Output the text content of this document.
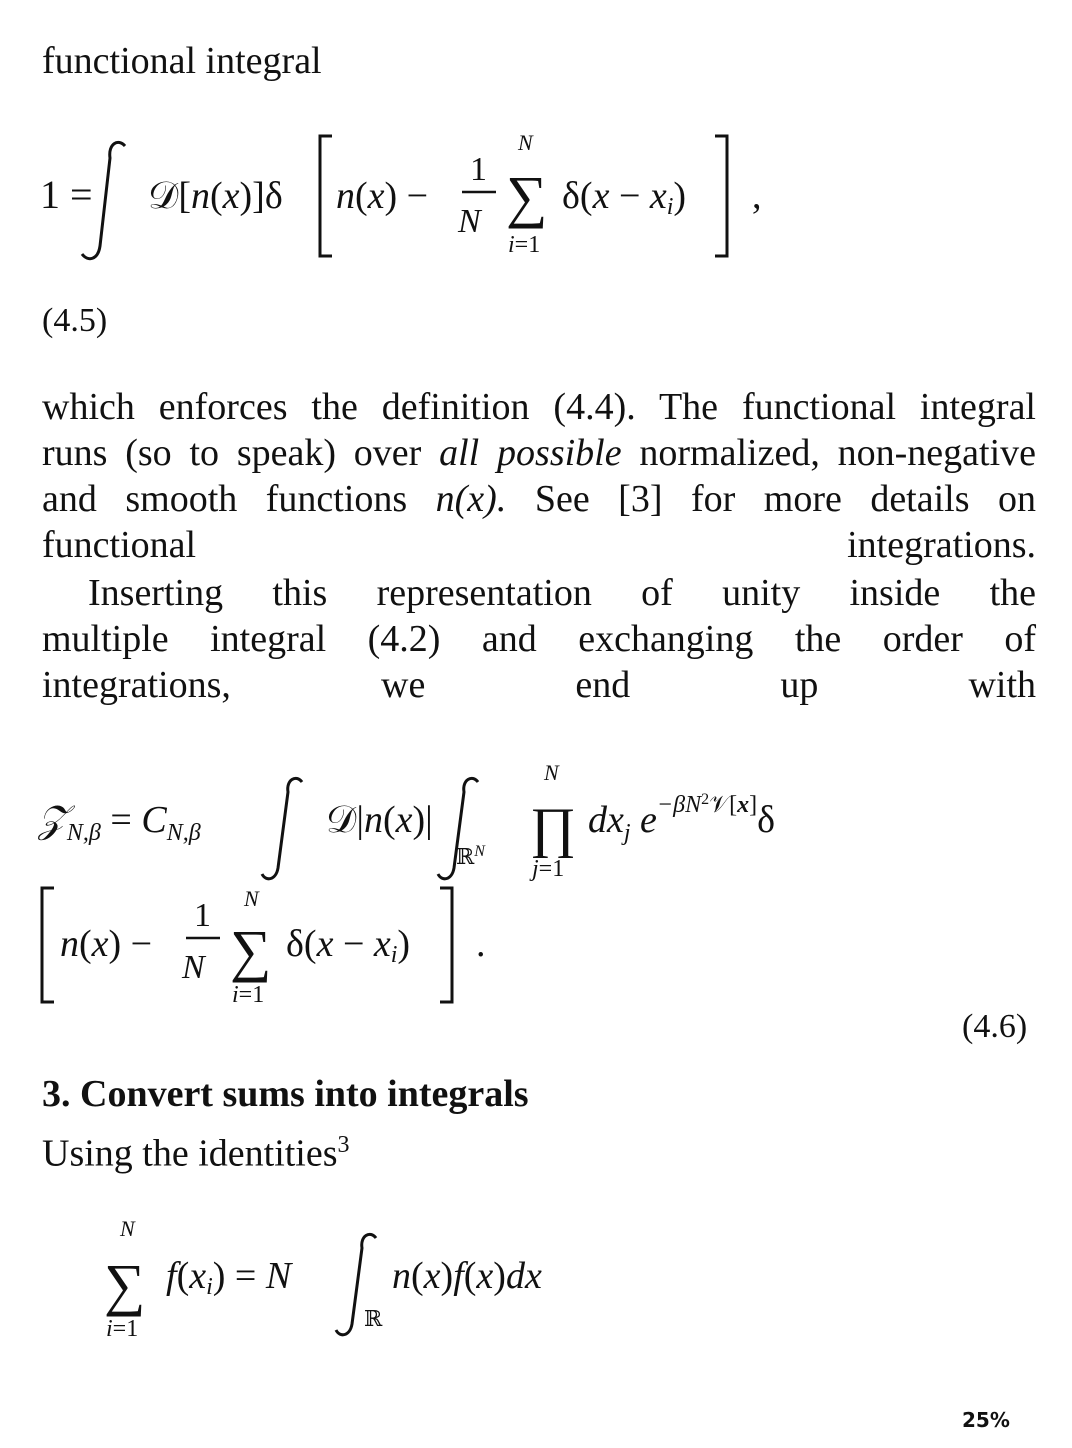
functional integral
1 = 𝒟[n(x)]δ n(x) −
1
N
N
∑
i=1
δ(x − xi) ,
(4.5)
which enforces the definition (4.4). The functional integral
runs (so to speak) over all possible normalized, non-negative
and smooth functions n(x). See [3] for more details on
functional integrations.
Inserting this representation of unity inside the
multiple integral (4.2) and exchanging the order of
integrations, we end up with
𝒵$_{N,\beta}$ = $C_{N,\beta}$	𝒟|n(x)|
ℝ$^N$
N
∏
j=1
$dx_j$ $e^{-\beta N2}_{𝒱[}x]\delta$
n(x) −
1
N
N
∑
i=1
δ(x − xi) .
(4.6)
3. Convert sums into integrals
Using the identities$^3$
N
∑
i=1
f(xi) = N
ℝ
n(x)f(x)dx
25%
